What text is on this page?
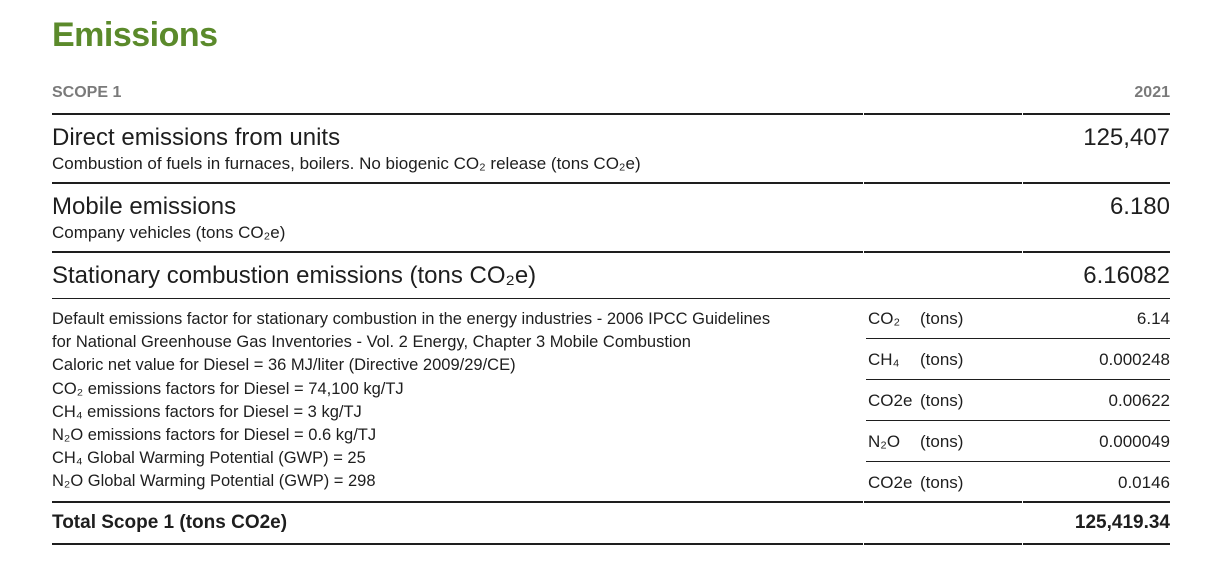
Emissions
SCOPE 1	2021
Direct emissions from units
Combustion of fuels in furnaces, boilers. No biogenic CO₂ release (tons CO₂e)
125,407
Mobile emissions
Company vehicles (tons CO₂e)
6.180
Stationary combustion emissions (tons CO₂e)	6.16082
Default emissions factor for stationary combustion in the energy industries - 2006 IPCC Guidelines
for National Greenhouse Gas Inventories - Vol. 2 Energy, Chapter 3 Mobile Combustion
Caloric net value for Diesel = 36 MJ/liter (Directive 2009/29/CE)
CO₂ emissions factors for Diesel = 74,100 kg/TJ
CH₄ emissions factors for Diesel = 3 kg/TJ
N₂O emissions factors for Diesel = 0.6 kg/TJ
CH₄ Global Warming Potential (GWP) = 25
N₂O Global Warming Potential (GWP) = 298
CO₂ (tons)	6.14
CH₄ (tons)	0.000248
CO2e (tons)	0.00622
N₂O (tons)	0.000049
CO2e (tons)	0.0146
Total Scope 1 (tons CO2e)	125,419.34
